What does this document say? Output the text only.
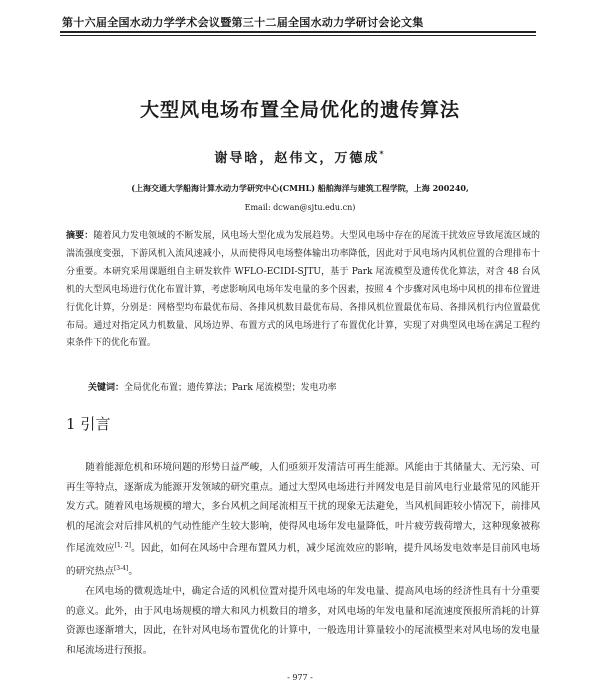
第十六届全国水动力学学术会议暨第三十二届全国水动力学研讨会论文集
大型风电场布置全局优化的遗传算法
谢导晗，赵伟文，万德成*
(上海交通大学船海计算水动力学研究中心(CMHL) 船舶海洋与建筑工程学院，上海 200240,
Email: dcwan@sjtu.edu.cn)
摘要：随着风力发电领域的不断发展，风电场大型化成为发展趋势。大型风电场中存在的尾流干扰效应导致尾流区域的湍流强度变强，下游风机入流风速减小，从而使得风电场整体输出功率降低，因此对于风电场内风机位置的合理排布十分重要。本研究采用课题组自主研发软件 WFLO-ECIDI-SJTU，基于 Park 尾流模型及遗传优化算法，对含 48 台风机的大型风电场进行优化布置计算，考虑影响风电场年发电量的多个因素，按照 4 个步骤对风电场中风机的排布位置进行优化计算，分别是：网格型均布最优布局、各排风机数目最优布局、各排风机位置最优布局、各排风机行内位置最优布局。通过对指定风力机数量、风场边界、布置方式的风电场进行了布置优化计算，实现了对典型风电场在满足工程约束条件下的优化布置。
关键词：全局优化布置；遗传算法；Park 尾流模型；发电功率
1 引言

随着能源危机和环境问题的形势日益严峻，人们亟须开发清洁可再生能源。风能由于其储量大、无污染、可再生等特点，逐渐成为能源开发领域的研究重点。通过大型风电场进行并网发电是目前风电行业最常见的风能开发方式。随着风电场规模的增大，多台风机之间尾流相互干扰的现象无法避免，当风机间距较小情况下，前排风机的尾流会对后排风机的气动性能产生较大影响，使得风电场年发电量降低，叶片疲劳载荷增大，这种现象被称作尾流效应[1, 2]。因此，如何在风场中合理布置风力机，减少尾流效应的影响，提升风场发电效率是目前风电场的研究热点[3-4]。

在风电场的微观选址中，确定合适的风机位置对提升风电场的年发电量、提高风电场的经济性具有十分重要的意义。此外，由于风电场规模的增大和风力机数目的增多，对风电场的年发电量和尾流速度预报所消耗的计算资源也逐渐增大，因此，在针对风电场布置优化的计算中，一般选用计算量较小的尾流模型来对风电场的发电量和尾流场进行预报。

- 977 -
